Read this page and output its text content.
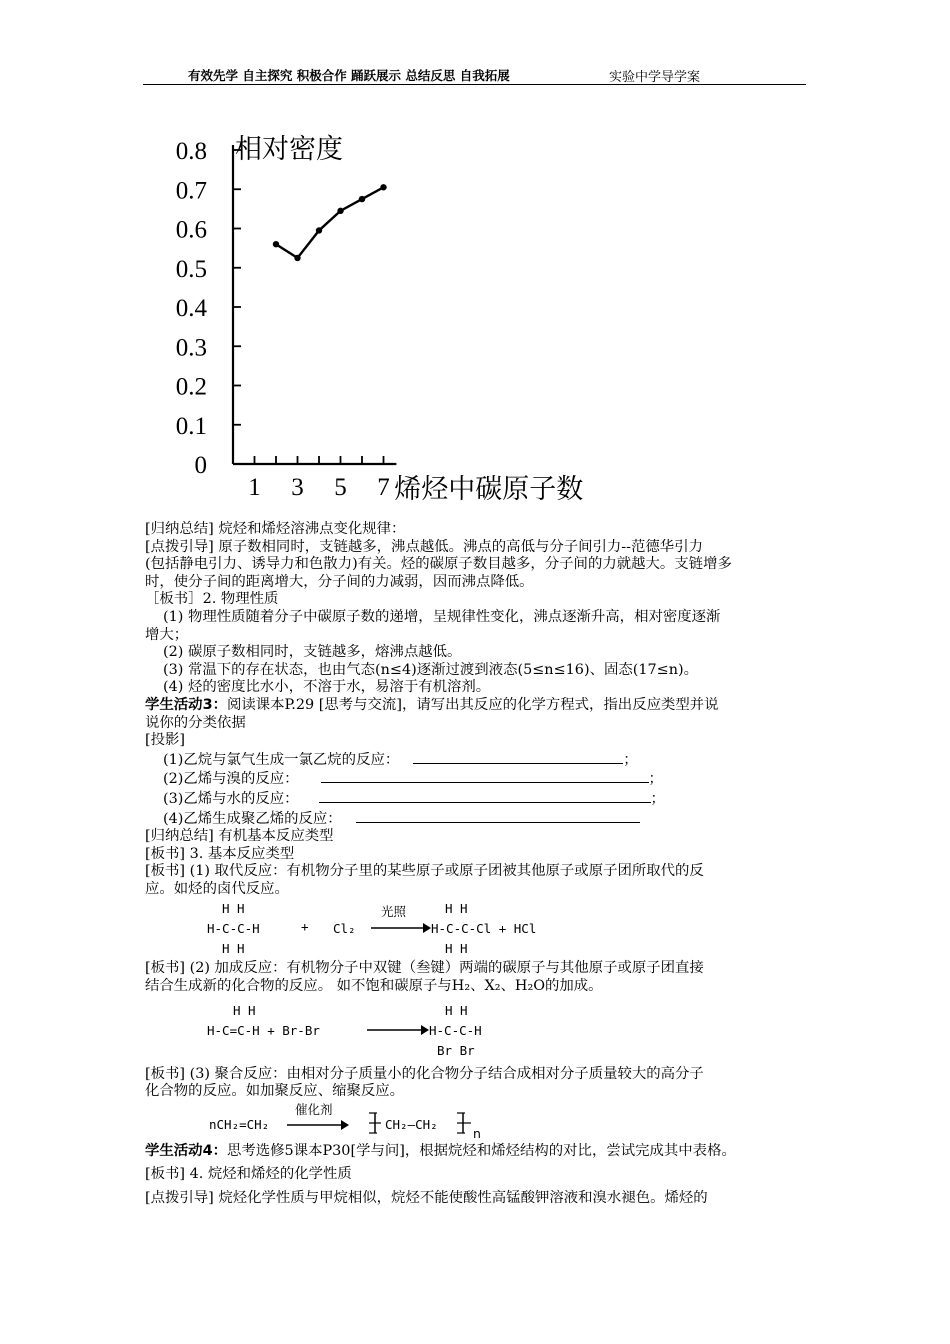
有效先学 自主探究 积极合作 踊跃展示 总结反思 自我拓展	实验中学导学案
0
0.1
0.2
0.3
0.4
0.5
0.6
0.7
0.8
1 3 5 7
相对密度
烯烃中碳原子数

[归纳总结] 烷烃和烯烃溶沸点变化规律：

[点拨引导] 原子数相同时，支链越多，沸点越低。沸点的高低与分子间引力--范德华引力

(包括静电引力、诱导力和色散力)有关。烃的碳原子数目越多，分子间的力就越大。支链增多

时，使分子间的距离增大，分子间的力减弱，因而沸点降低。

［板书］2. 物理性质

(1) 物理性质随着分子中碳原子数的递增，呈规律性变化，沸点逐渐升高，相对密度逐渐

增大；

(2) 碳原子数相同时，支链越多，熔沸点越低。

(3) 常温下的存在状态，也由气态(n≤4)逐渐过渡到液态(5≤n≤16)、固态(17≤n)。

(4) 烃的密度比水小，不溶于水，易溶于有机溶剂。

学生活动3：阅读课本P.29 [思考与交流]，请写出其反应的化学方程式，指出反应类型并说

说你的分类依据

[投影]

(1)乙烷与氯气生成一氯乙烷的反应：	；

(2)乙烯与溴的反应：	；

(3)乙烯与水的反应：	；

(4)乙烯生成聚乙烯的反应：

[归纳总结] 有机基本反应类型

[板书] 3. 基本反应类型

[板书] (1) 取代反应：有机物分子里的某些原子或原子团被其他原子或原子团所取代的反

应。如烃的卤代反应。

H H
H-C-C-H
H H
+ Cl₂
光照	H H
H-C-C-Cl + HCl
H H

[板书] (2) 加成反应：有机物分子中双键（叁键）两端的碳原子与其他原子或原子团直接

结合生成新的化合物的反应。 如不饱和碳原子与H₂、X₂、H₂O的加成。

H H
H-C=C-H + Br-Br
H H
H-C-C-H
Br Br

[板书] (3) 聚合反应：由相对分子质量小的化合物分子结合成相对分子质量较大的高分子

化合物的反应。如加聚反应、缩聚反应。

nCH₂=CH₂
催化剂
CH₂—CH₂
n

学生活动4：思考选修5课本P30[学与问]，根据烷烃和烯烃结构的对比，尝试完成其中表格。

[板书] 4. 烷烃和烯烃的化学性质

[点拨引导] 烷烃化学性质与甲烷相似，烷烃不能使酸性高锰酸钾溶液和溴水褪色。烯烃的
